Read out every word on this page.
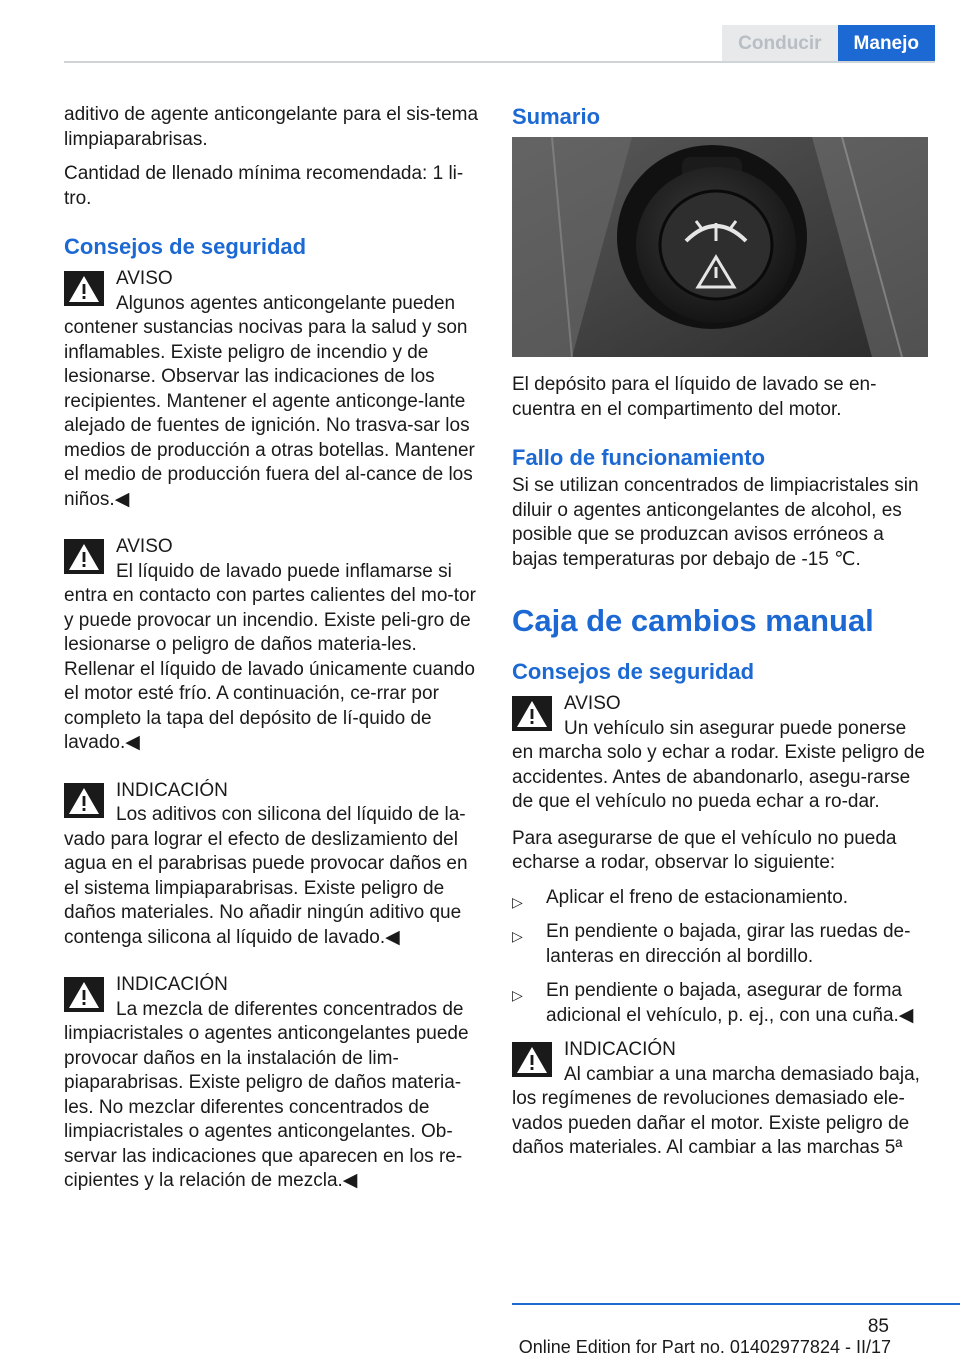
Conducir	Manejo

aditivo de agente anticongelante para el sis‐tema limpiaparabrisas.

Cantidad de llenado mínima recomendada: 1 li‐tro.

Consejos de seguridad
AVISO
Algunos agentes anticongelante pueden contener sustancias nocivas para la salud y son inflamables. Existe peligro de incendio y de lesionarse. Observar las indicaciones de los recipientes. Mantener el agente anticonge‐lante alejado de fuentes de ignición. No trasva‐sar los medios de producción a otras botellas. Mantener el medio de producción fuera del al‐cance de los niños.◀
AVISO
El líquido de lavado puede inflamarse si entra en contacto con partes calientes del mo‐tor y puede provocar un incendio. Existe peli‐gro de lesionarse o peligro de daños materia‐les. Rellenar el líquido de lavado únicamente cuando el motor esté frío. A continuación, ce‐rrar por completo la tapa del depósito de lí‐quido de lavado.◀
INDICACIÓN
Los aditivos con silicona del líquido de la‐vado para lograr el efecto de deslizamiento del agua en el parabrisas puede provocar daños en el sistema limpiaparabrisas. Existe peligro de daños materiales. No añadir ningún aditivo que contenga silicona al líquido de lavado.◀
INDICACIÓN
La mezcla de diferentes concentrados de limpiacristales o agentes anticongelantes puede provocar daños en la instalación de lim‐piaparabrisas. Existe peligro de daños materia‐les. No mezclar diferentes concentrados de limpiacristales o agentes anticongelantes. Ob‐servar las indicaciones que aparecen en los re‐cipientes y la relación de mezcla.◀
Sumario

El depósito para el líquido de lavado se en‐cuentra en el compartimento del motor.

Fallo de funcionamiento

Si se utilizan concentrados de limpiacristales sin diluir o agentes anticongelantes de alcohol, es posible que se produzcan avisos erróneos a bajas temperaturas por debajo de -15 ℃.

Caja de cambios manual
Consejos de seguridad
AVISO
Un vehículo sin asegurar puede ponerse en marcha solo y echar a rodar. Existe peligro de accidentes. Antes de abandonarlo, asegu‐rarse de que el vehículo no pueda echar a ro‐dar.

Para asegurarse de que el vehículo no pueda echarse a rodar, observar lo siguiente:

▷ Aplicar el freno de estacionamiento.
▷ En pendiente o bajada, girar las ruedas de‐lanteras en dirección al bordillo.
▷ En pendiente o bajada, asegurar de forma adicional el vehículo, p. ej., con una cuña.◀
INDICACIÓN
Al cambiar a una marcha demasiado baja, los regímenes de revoluciones demasiado ele‐vados pueden dañar el motor. Existe peligro de daños materiales. Al cambiar a las marchas 5ª
85
Online Edition for Part no. 01402977824 - II/17
